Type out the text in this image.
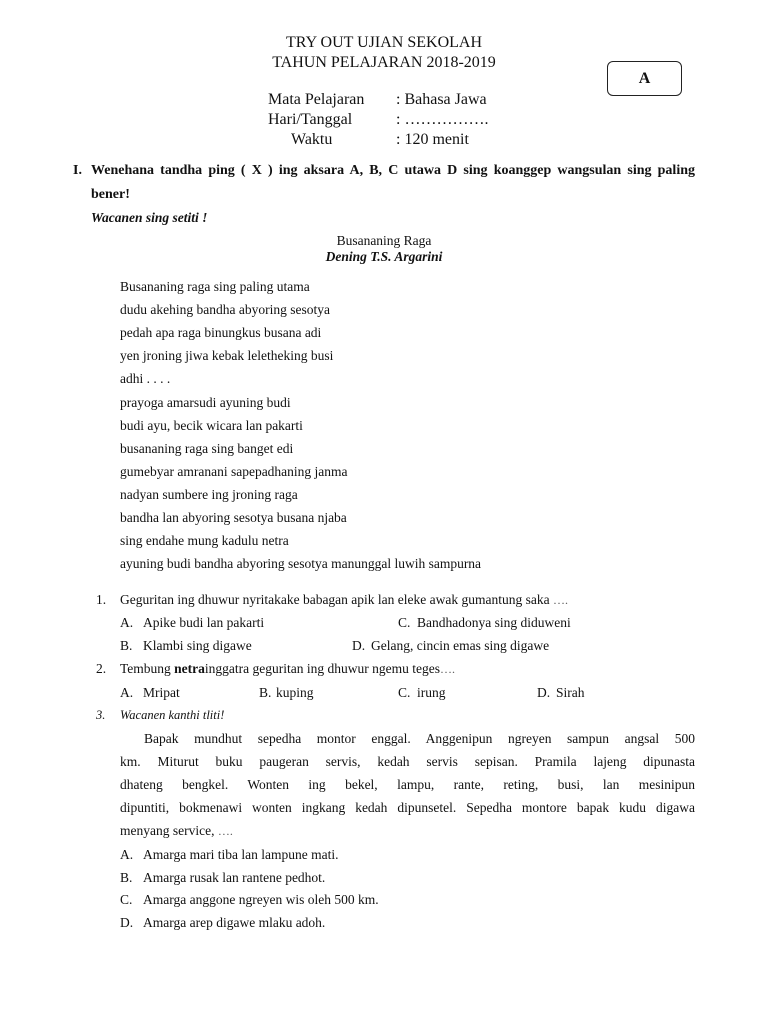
TRY OUT UJIAN SEKOLAH
TAHUN PELAJARAN 2018-2019
A
Mata Pelajaran : Bahasa Jawa
Hari/Tanggal	: …………….
Waktu	: 120 menit
I. Wenehana tandha ping ( X ) ing aksara A, B, C utawa D sing koanggep wangsulan sing paling
bener!
Wacanen sing setiti !
Busananing Raga
Dening T.S. Argarini
Busananing raga sing paling utama
dudu akehing bandha abyoring sesotya
pedah apa raga binungkus busana adi
yen jroning jiwa kebak leletheking busi
adhi . . . .
prayoga amarsudi ayuning budi
budi ayu, becik wicara lan pakarti
busananing raga sing banget edi
gumebyar amranani sapepadhaning janma
nadyan sumbere ing jroning raga
bandha lan abyoring sesotya busana njaba
sing endahe mung kadulu netra
ayuning budi bandha abyoring sesotya manunggal luwih sampurna
1. Geguritan ing dhuwur nyritakake babagan apik lan eleke awak gumantung saka ….
A. Apike budi lan pakarti	C. Bandhadonya sing diduweni
B. Klambi sing digawe	D. Gelang, cincin emas sing digawe
2. Tembung netrainggatra geguritan ing dhuwur ngemu teges….
A. Mripat	B. kuping	C. irung	D. Sirah
3. Wacanen kanthi tliti!
Bapak mundhut sepedha montor enggal. Anggenipun ngreyen sampun angsal 500
km. Miturut buku paugeran servis, kedah servis sepisan. Pramila lajeng dipunasta
dhateng bengkel. Wonten ing bekel, lampu, rante, reting, busi, lan mesinipun
dipuntiti, bokmenawi wonten ingkang kedah dipunsetel. Sepedha montore bapak kudu digawa
menyang service, ….
A. Amarga mari tiba lan lampune mati.
B. Amarga rusak lan rantene pedhot.
C. Amarga anggone ngreyen wis oleh 500 km.
D. Amarga arep digawe mlaku adoh.
